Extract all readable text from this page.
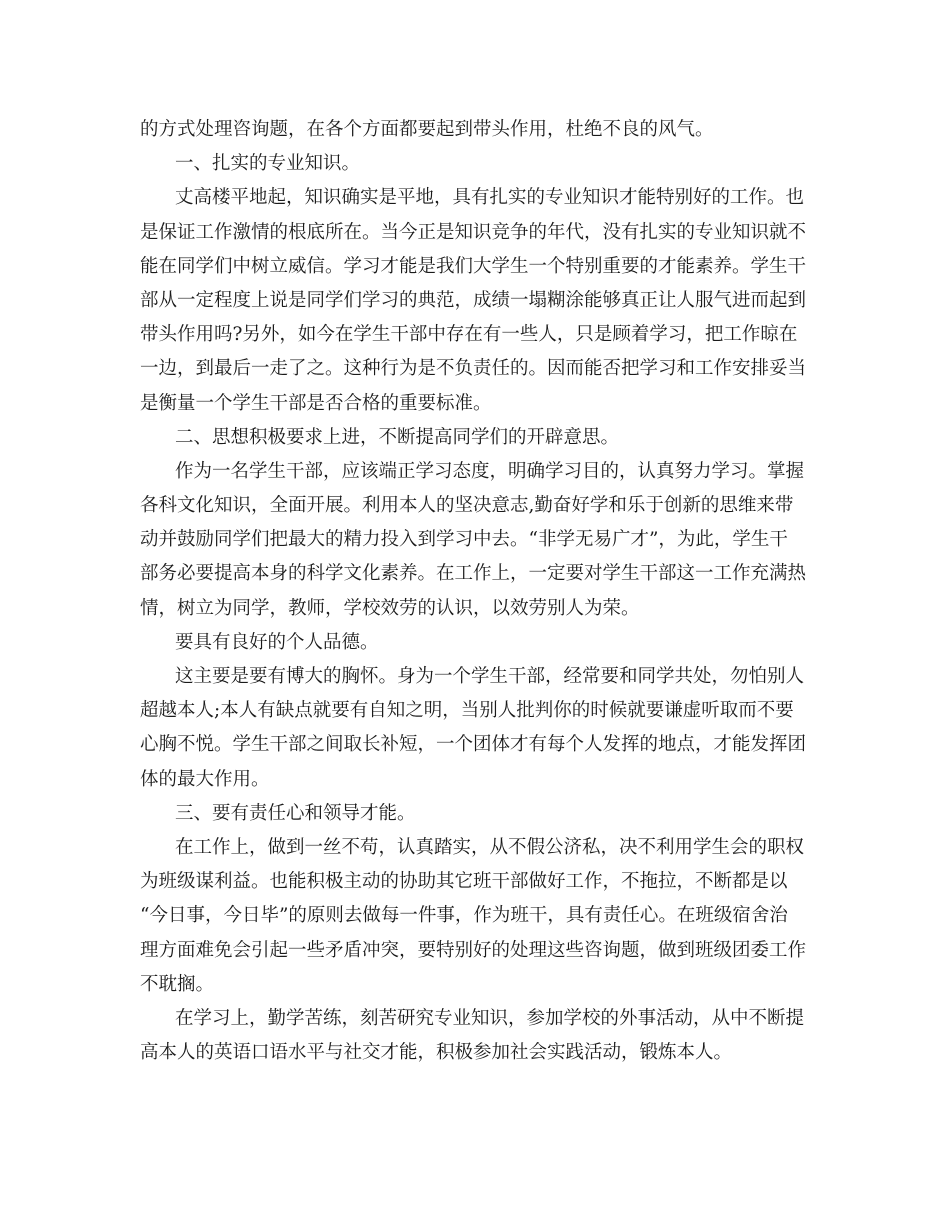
的方式处理咨询题，在各个方面都要起到带头作用，杜绝不良的风气。
一、扎实的专业知识。
丈高楼平地起，知识确实是平地，具有扎实的专业知识才能特别好的工作。也
是保证工作激情的根底所在。当今正是知识竞争的年代，没有扎实的专业知识就不
能在同学们中树立威信。学习才能是我们大学生一个特别重要的才能素养。学生干
部从一定程度上说是同学们学习的典范，成绩一塌糊涂能够真正让人服气进而起到
带头作用吗?另外，如今在学生干部中存在有一些人，只是顾着学习，把工作晾在
一边，到最后一走了之。这种行为是不负责任的。因而能否把学习和工作安排妥当
是衡量一个学生干部是否合格的重要标准。
二、思想积极要求上进，不断提高同学们的开辟意思。
作为一名学生干部，应该端正学习态度，明确学习目的，认真努力学习。掌握
各科文化知识，全面开展。利用本人的坚决意志,勤奋好学和乐于创新的思维来带
动并鼓励同学们把最大的精力投入到学习中去。“非学无易广才”，为此，学生干
部务必要提高本身的科学文化素养。在工作上，一定要对学生干部这一工作充满热
情，树立为同学，教师，学校效劳的认识，以效劳别人为荣。
要具有良好的个人品德。
这主要是要有博大的胸怀。身为一个学生干部，经常要和同学共处，勿怕别人
超越本人;本人有缺点就要有自知之明，当别人批判你的时候就要谦虚听取而不要
心胸不悦。学生干部之间取长补短，一个团体才有每个人发挥的地点，才能发挥团
体的最大作用。
三、要有责任心和领导才能。
在工作上，做到一丝不苟，认真踏实，从不假公济私，决不利用学生会的职权
为班级谋利益。也能积极主动的协助其它班干部做好工作，不拖拉，不断都是以
“今日事，今日毕”的原则去做每一件事，作为班干，具有责任心。在班级宿舍治
理方面难免会引起一些矛盾冲突，要特别好的处理这些咨询题，做到班级团委工作
不耽搁。
在学习上，勤学苦练，刻苦研究专业知识，参加学校的外事活动，从中不断提
高本人的英语口语水平与社交才能，积极参加社会实践活动，锻炼本人。
